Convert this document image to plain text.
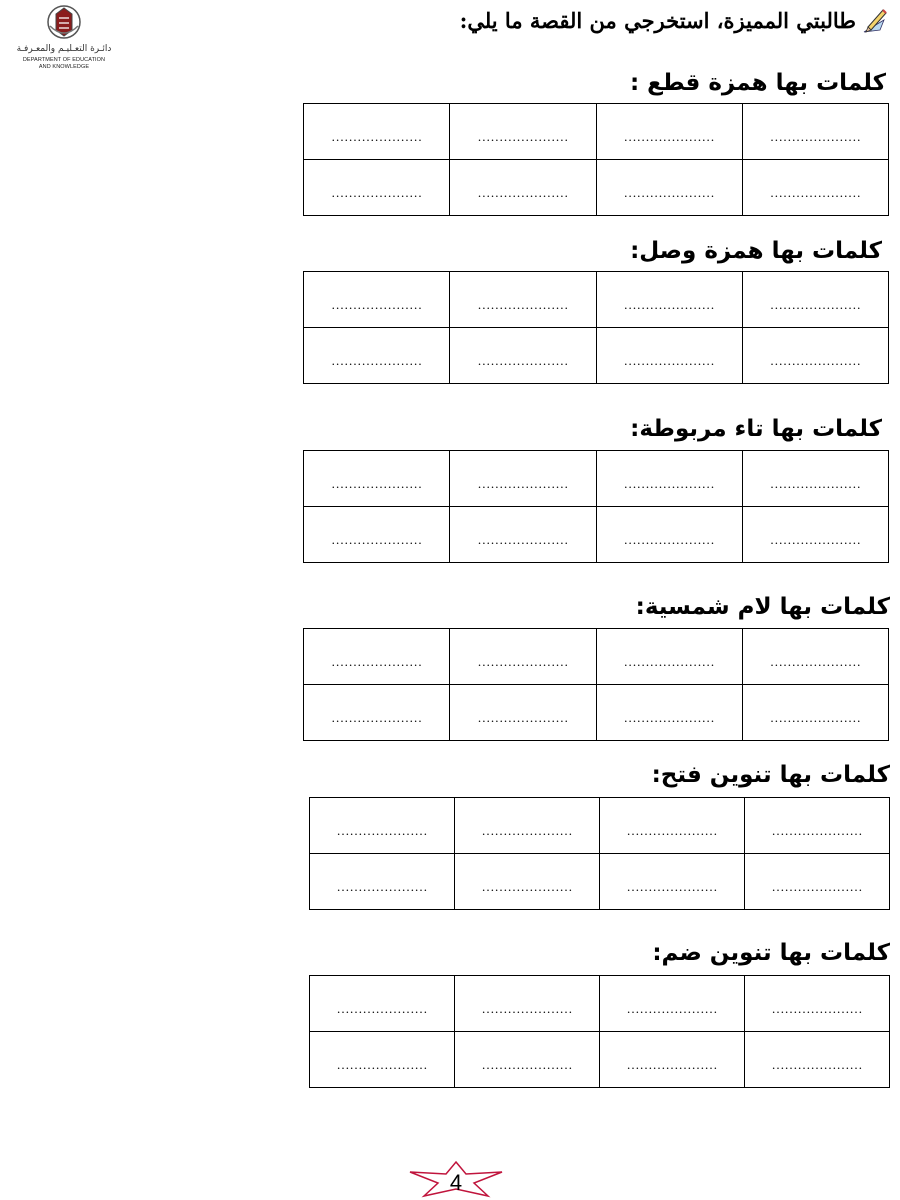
دائـرة التعـليـم والمعـرفـة
DEPARTMENT OF EDUCATION
AND KNOWLEDGE
طالبتي المميزة، استخرجي من القصة ما يلي:
كلمات بها همزة قطع :
…………………	…………………	…………………	…………………
…………………	…………………	…………………	…………………
كلمات بها همزة وصل:
…………………	…………………	…………………	…………………
…………………	…………………	…………………	…………………
كلمات بها تاء مربوطة:
…………………	…………………	…………………	…………………
…………………	…………………	…………………	…………………
كلمات بها لام شمسية:
…………………	…………………	…………………	…………………
…………………	…………………	…………………	…………………
كلمات بها تنوين فتح:
…………………	…………………	…………………	…………………
…………………	…………………	…………………	…………………
كلمات بها تنوين ضم:
…………………	…………………	…………………	…………………
…………………	…………………	…………………	…………………
4
